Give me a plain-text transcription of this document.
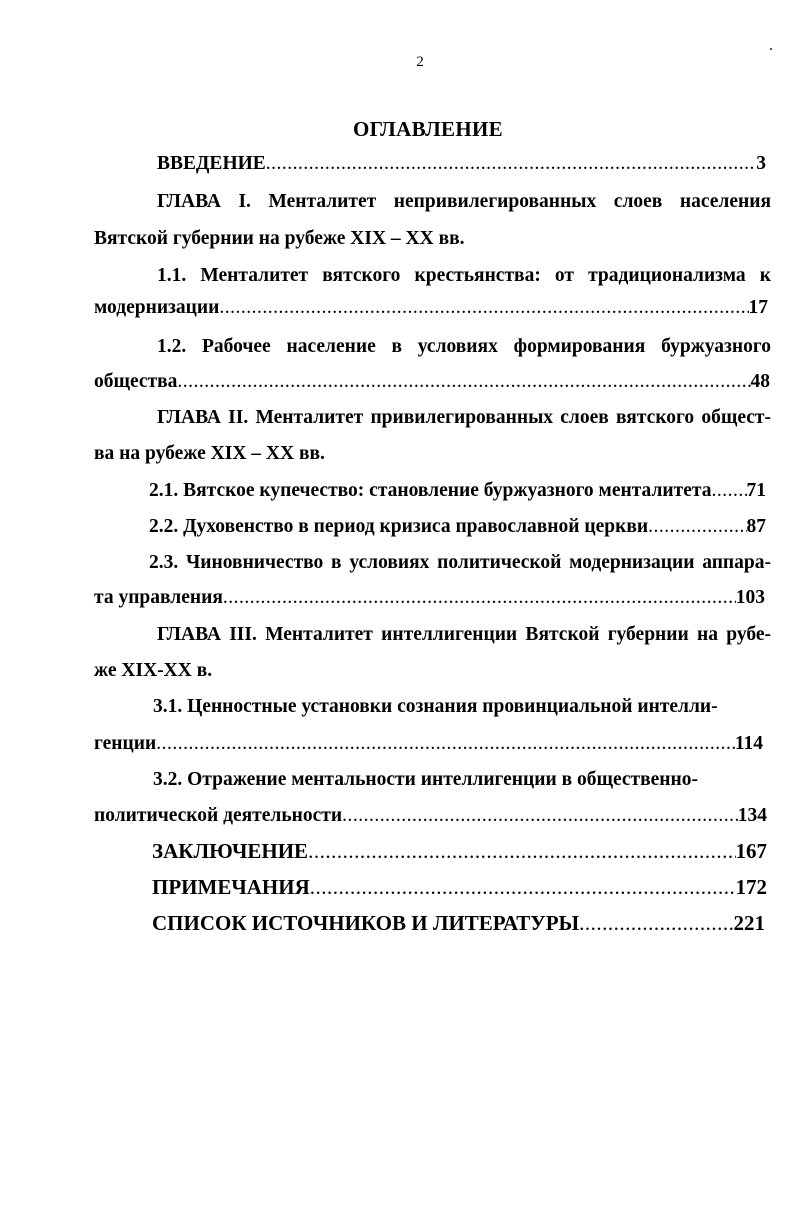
2
ОГЛАВЛЕНИЕ
ВВЕДЕНИЕ .....	3
ГЛАВА I. Менталитет непривилегированных слоев населения
Вятской губернии на рубеже XIX – XX вв.
1.1. Менталитет вятского крестьянства: от традиционализма к
модернизации .....	17
1.2. Рабочее население в условиях формирования буржуазного
общества .....	48
ГЛАВА II. Менталитет привилегированных слоев вятского общест-
ва на рубеже XIX – XX вв.
2.1. Вятское купечество: становление буржуазного менталитета ..... 71
2.2. Духовенство в период кризиса православной церкви .....	87
2.3. Чиновничество в условиях политической модернизации аппара-
та управления .....	103
ГЛАВА III. Менталитет интеллигенции Вятской губернии на рубе-
же XIX-XX в.
3.1. Ценностные установки сознания провинциальной интелли-
генции .....	114
3.2. Отражение ментальности интеллигенции в общественно-
политической деятельности .....	134
ЗАКЛЮЧЕНИЕ .....	167
ПРИМЕЧАНИЯ .....	172
СПИСОК ИСТОЧНИКОВ И ЛИТЕРАТУРЫ .....	221
